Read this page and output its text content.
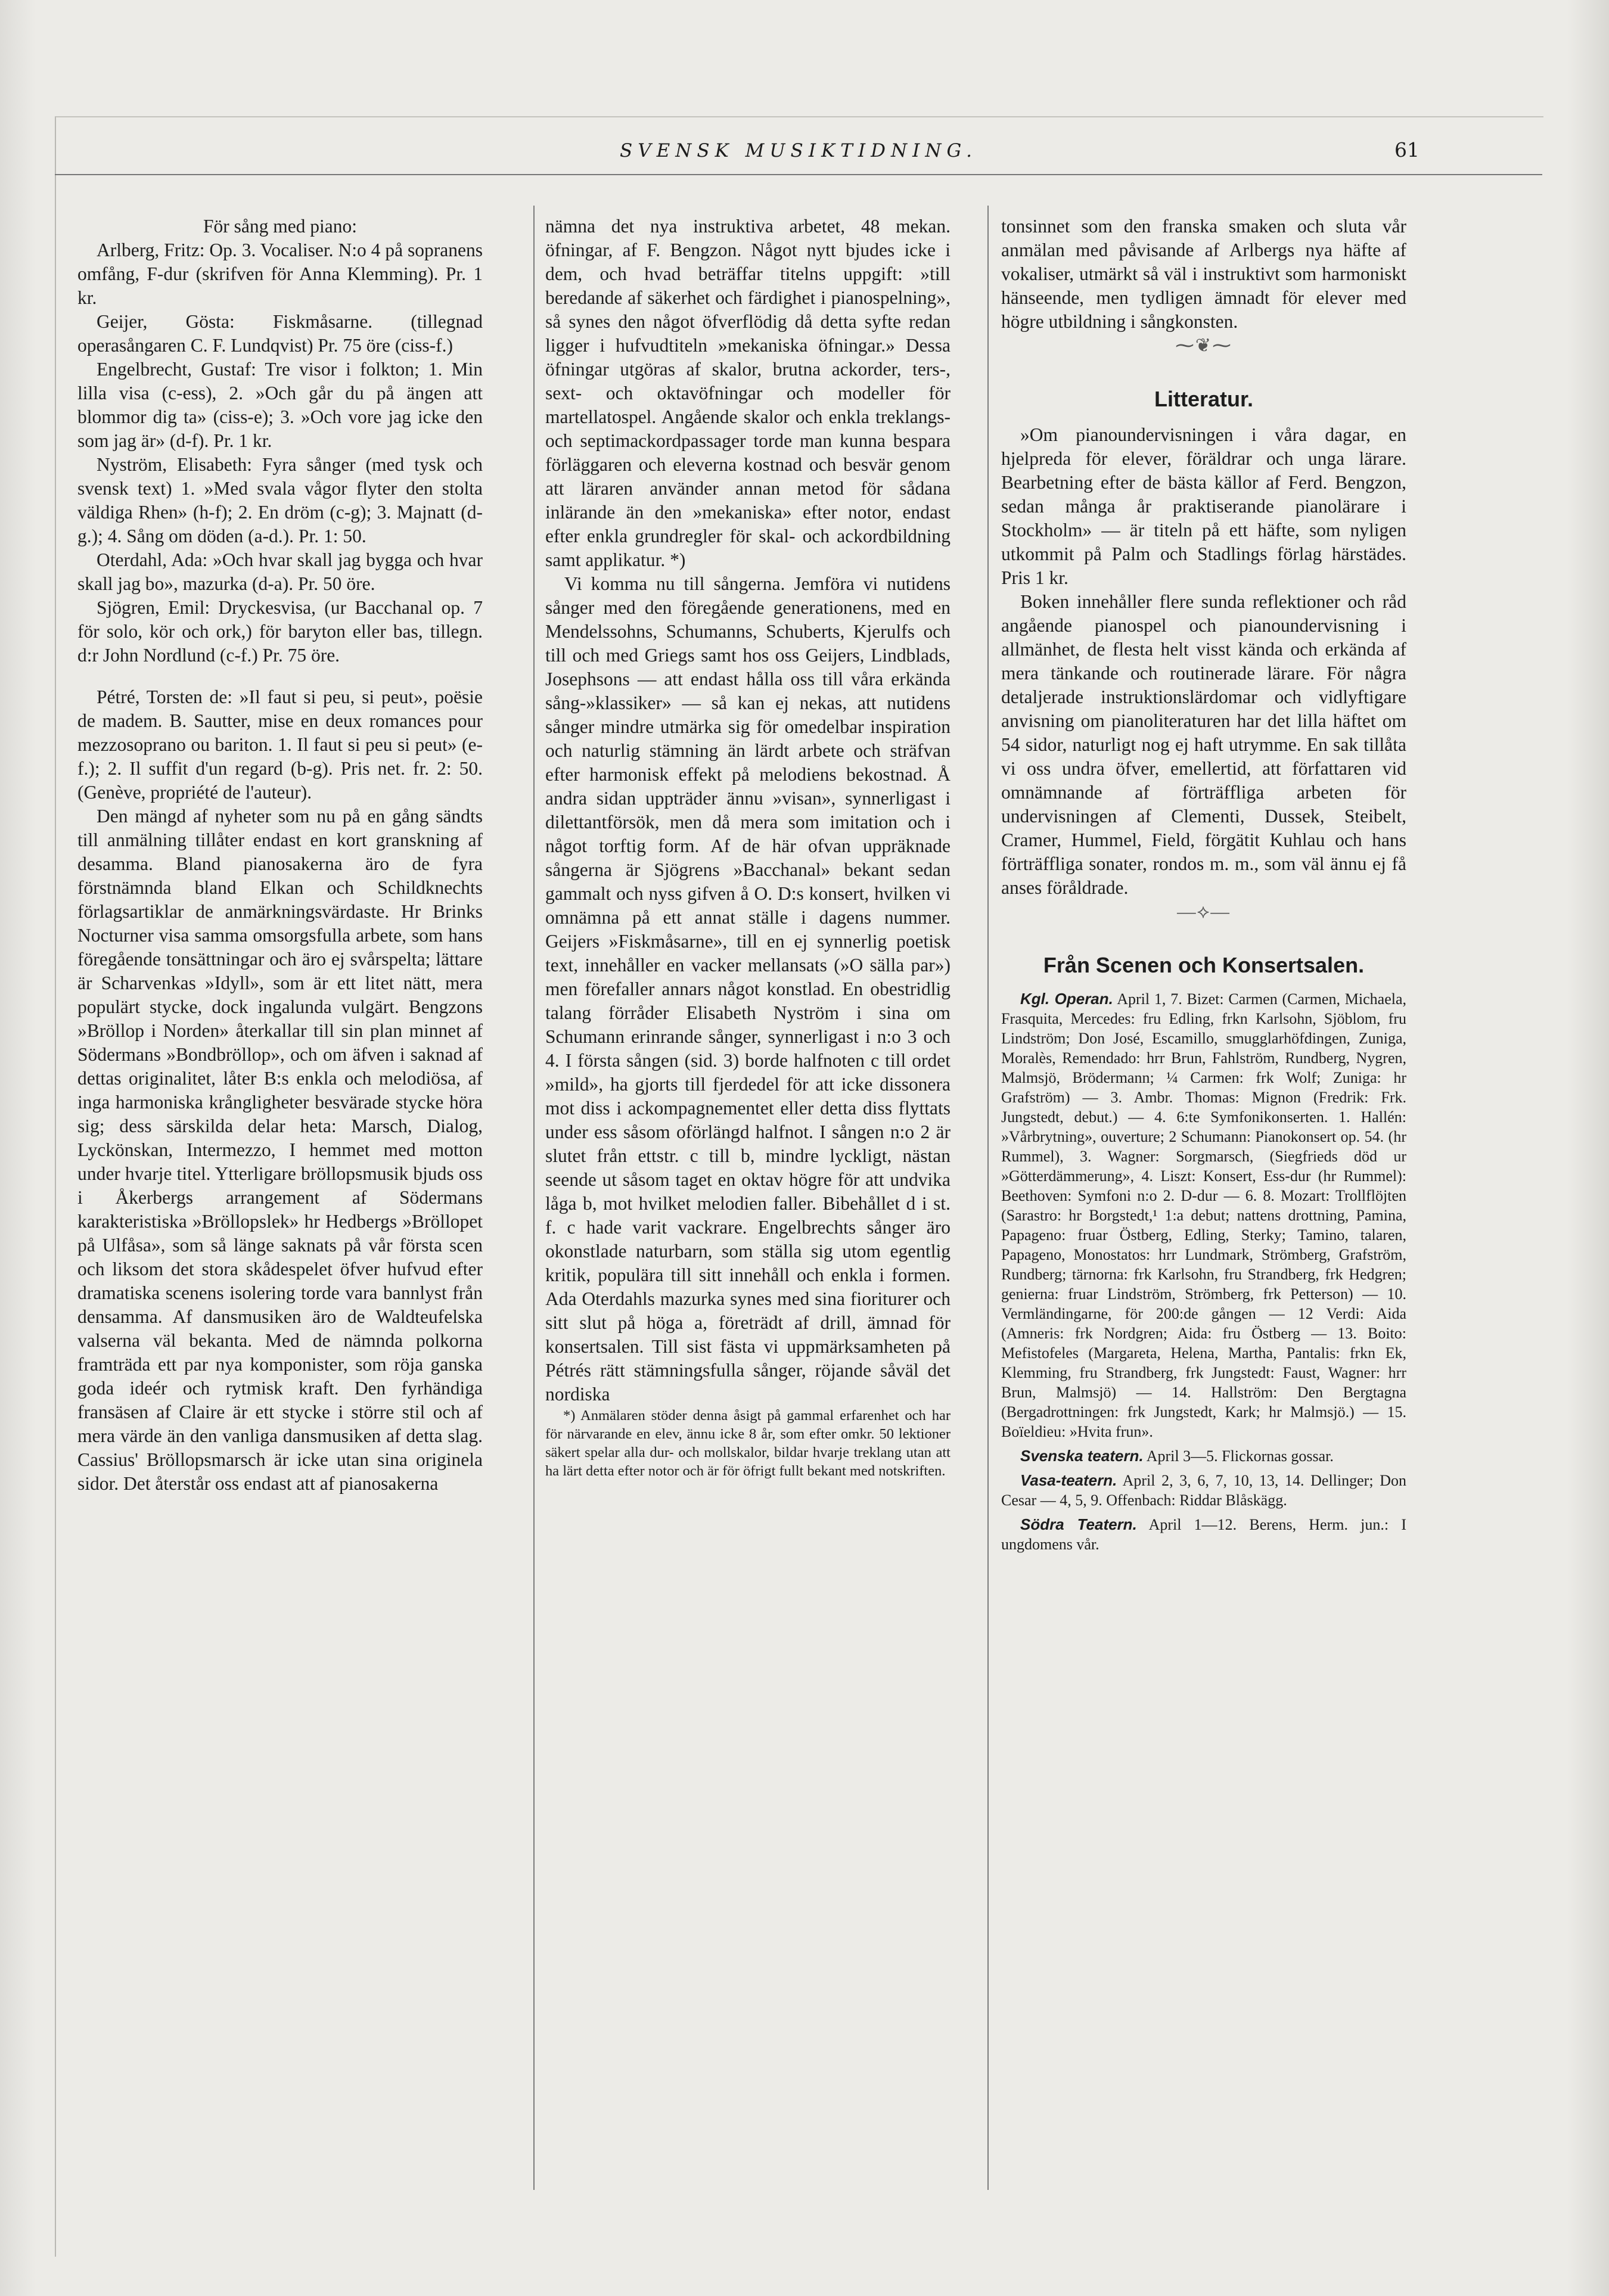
SVENSK MUSIKTIDNING.	61

För sång med piano:

Arlberg, Fritz: Op. 3. Vocaliser. N:o 4 på sopranens omfång, F-dur (skrifven för Anna Klemming). Pr. 1 kr.

Geijer, Gösta: Fiskmåsarne. (tillegnad operasångaren C. F. Lundqvist) Pr. 75 öre (ciss-f.)

Engelbrecht, Gustaf: Tre visor i folkton; 1. Min lilla visa (c-ess), 2. »Och går du på ängen att blommor dig ta» (ciss-e); 3. »Och vore jag icke den som jag är» (d-f). Pr. 1 kr.

Nyström, Elisabeth: Fyra sånger (med tysk och svensk text) 1. »Med svala vågor flyter den stolta väldiga Rhen» (h-f); 2. En dröm (c-g); 3. Majnatt (d-g.); 4. Sång om döden (a-d.). Pr. 1: 50.

Oterdahl, Ada: »Och hvar skall jag bygga och hvar skall jag bo», mazurka (d-a). Pr. 50 öre.

Sjögren, Emil: Dryckesvisa, (ur Bacchanal op. 7 för solo, kör och ork,) för baryton eller bas, tillegn. d:r John Nordlund (c-f.) Pr. 75 öre.

Pétré, Torsten de: »Il faut si peu, si peut», poësie de madem. B. Sautter, mise en deux romances pour mezzosoprano ou bariton. 1. Il faut si peu si peut» (e-f.); 2. Il suffit d'un regard (b-g). Pris net. fr. 2: 50. (Genève, propriété de l'auteur).

Den mängd af nyheter som nu på en gång sändts till anmälning tillåter endast en kort granskning af desamma. Bland pianosakerna äro de fyra förstnämnda bland Elkan och Schildknechts förlagsartiklar de anmärkningsvärdaste. Hr Brinks Nocturner visa samma omsorgsfulla arbete, som hans föregående tonsättningar och äro ej svårspelta; lättare är Scharvenkas »Idyll», som är ett litet nätt, mera populärt stycke, dock ingalunda vulgärt. Bengzons »Bröllop i Norden» återkallar till sin plan minnet af Södermans »Bondbröllop», och om äfven i saknad af dettas originalitet, låter B:s enkla och melodiösa, af inga harmoniska krångligheter besvärade stycke höra sig; dess särskilda delar heta: Marsch, Dialog, Lyckönskan, Intermezzo, I hemmet med motton under hvarje titel. Ytterligare bröllopsmusik bjuds oss i Åkerbergs arrangement af Södermans karakteristiska »Bröllopslek» hr Hedbergs »Bröllopet på Ulfåsa», som så länge saknats på vår första scen och liksom det stora skådespelet öfver hufvud efter dramatiska scenens isolering torde vara bannlyst från densamma. Af dansmusiken äro de Waldteufelska valserna väl bekanta. Med de nämnda polkorna framträda ett par nya komponister, som röja ganska goda ideér och rytmisk kraft. Den fyrhändiga fransäsen af Claire är ett stycke i större stil och af mera värde än den vanliga dansmusiken af detta slag. Cassius' Bröllopsmarsch är icke utan sina originela sidor. Det återstår oss endast att af pianosakerna

nämna det nya instruktiva arbetet, 48 mekan. öfningar, af F. Bengzon. Något nytt bjudes icke i dem, och hvad beträffar titelns uppgift: »till beredande af säkerhet och färdighet i pianospelning», så synes den något öfverflödig då detta syfte redan ligger i hufvudtiteln »mekaniska öfningar.» Dessa öfningar utgöras af skalor, brutna ackorder, ters-, sext- och oktavöfningar och modeller för martellatospel. Angående skalor och enkla treklangs- och septimackordpassager torde man kunna bespara förläggaren och eleverna kostnad och besvär genom att läraren använder annan metod för sådana inlärande än den »mekaniska» efter notor, endast efter enkla grundregler för skal- och ackordbildning samt applikatur. *)

Vi komma nu till sångerna. Jemföra vi nutidens sånger med den föregående generationens, med en Mendelssohns, Schumanns, Schuberts, Kjerulfs och till och med Griegs samt hos oss Geijers, Lindblads, Josephsons — att endast hålla oss till våra erkända sång-»klassiker» — så kan ej nekas, att nutidens sånger mindre utmärka sig för omedelbar inspiration och naturlig stämning än lärdt arbete och sträfvan efter harmonisk effekt på melodiens bekostnad. Å andra sidan uppträder ännu »visan», synnerligast i dilettantförsök, men då mera som imitation och i något torftig form. Af de här ofvan uppräknade sångerna är Sjögrens »Bacchanal» bekant sedan gammalt och nyss gifven å O. D:s konsert, hvilken vi omnämna på ett annat ställe i dagens nummer. Geijers »Fiskmåsarne», till en ej synnerlig poetisk text, innehåller en vacker mellansats (»O sälla par») men förefaller annars något konstlad. En obestridlig talang förråder Elisabeth Nyström i sina om Schumann erinrande sånger, synnerligast i n:o 3 och 4. I första sången (sid. 3) borde halfnoten c till ordet »mild», ha gjorts till fjerdedel för att icke dissonera mot diss i ackompagnementet eller detta diss flyttats under ess såsom oförlängd halfnot. I sången n:o 2 är slutet från ettstr. c till b, mindre lyckligt, nästan seende ut såsom taget en oktav högre för att undvika låga b, mot hvilket melodien faller. Bibehållet d i st. f. c hade varit vackrare. Engelbrechts sånger äro okonstlade naturbarn, som ställa sig utom egentlig kritik, populära till sitt innehåll och enkla i formen. Ada Oterdahls mazurka synes med sina fioriturer och sitt slut på höga a, företrädt af drill, ämnad för konsertsalen. Till sist fästa vi uppmärksamheten på Pétrés rätt stämningsfulla sånger, röjande såväl det nordiska

*) Anmälaren stöder denna åsigt på gammal erfarenhet och har för närvarande en elev, ännu icke 8 år, som efter omkr. 50 lektioner säkert spelar alla dur- och mollskalor, bildar hvarje treklang utan att ha lärt detta efter notor och är för öfrigt fullt bekant med notskriften.

tonsinnet som den franska smaken och sluta vår anmälan med påvisande af Arlbergs nya häfte af vokaliser, utmärkt så väl i instruktivt som harmoniskt hänseende, men tydligen ämnadt för elever med högre utbildning i sångkonsten.

⁓❦⁓

Litteratur.

»Om pianoundervisningen i våra dagar, en hjelpreda för elever, föräldrar och unga lärare. Bearbetning efter de bästa källor af Ferd. Bengzon, sedan många år praktiserande pianolärare i Stockholm» — är titeln på ett häfte, som nyligen utkommit på Palm och Stadlings förlag härstädes. Pris 1 kr.

Boken innehåller flere sunda reflektioner och råd angående pianospel och pianoundervisning i allmänhet, de flesta helt visst kända och erkända af mera tänkande och routinerade lärare. För några detaljerade instruktionslärdomar och vidlyftigare anvisning om pianoliteraturen har det lilla häftet om 54 sidor, naturligt nog ej haft utrymme. En sak tillåta vi oss undra öfver, emellertid, att författaren vid omnämnande af förträffliga arbeten för undervisningen af Clementi, Dussek, Steibelt, Cramer, Hummel, Field, förgätit Kuhlau och hans förträffliga sonater, rondos m. m., som väl ännu ej få anses föråldrade.

—⟡—

Från Scenen och Konsertsalen.

Kgl. Operan. April 1, 7. Bizet: Carmen (Carmen, Michaela, Frasquita, Mercedes: fru Edling, frkn Karlsohn, Sjöblom, fru Lindström; Don José, Escamillo, smugglarhöfdingen, Zuniga, Moralès, Remendado: hrr Brun, Fahlström, Rundberg, Nygren, Malmsjö, Brödermann; ¼ Carmen: frk Wolf; Zuniga: hr Grafström) — 3. Ambr. Thomas: Mignon (Fredrik: Frk. Jungstedt, debut.) — 4. 6:te Symfonikonserten. 1. Hallén: »Vårbrytning», ouverture; 2 Schumann: Pianokonsert op. 54. (hr Rummel), 3. Wagner: Sorgmarsch, (Siegfrieds död ur »Götterdämmerung», 4. Liszt: Konsert, Ess-dur (hr Rummel): Beethoven: Symfoni n:o 2. D-dur — 6. 8. Mozart: Trollflöjten (Sarastro: hr Borgstedt,¹ 1:a debut; nattens drottning, Pamina, Papageno: fruar Östberg, Edling, Sterky; Tamino, talaren, Papageno, Monostatos: hrr Lundmark, Strömberg, Grafström, Rundberg; tärnorna: frk Karlsohn, fru Strandberg, frk Hedgren; genierna: fruar Lindström, Strömberg, frk Petterson) — 10. Vermländingarne, för 200:de gången — 12 Verdi: Aida (Amneris: frk Nordgren; Aida: fru Östberg — 13. Boito: Mefistofeles (Margareta, Helena, Martha, Pantalis: frkn Ek, Klemming, fru Strandberg, frk Jungstedt: Faust, Wagner: hrr Brun, Malmsjö) — 14. Hallström: Den Bergtagna (Bergadrottningen: frk Jungstedt, Kark; hr Malmsjö.) — 15. Boïeldieu: »Hvita frun».

Svenska teatern. April 3—5. Flickornas gossar.

Vasa-teatern. April 2, 3, 6, 7, 10, 13, 14. Dellinger; Don Cesar — 4, 5, 9. Offenbach: Riddar Blåskägg.

Södra Teatern. April 1—12. Berens, Herm. jun.: I ungdomens vår.
